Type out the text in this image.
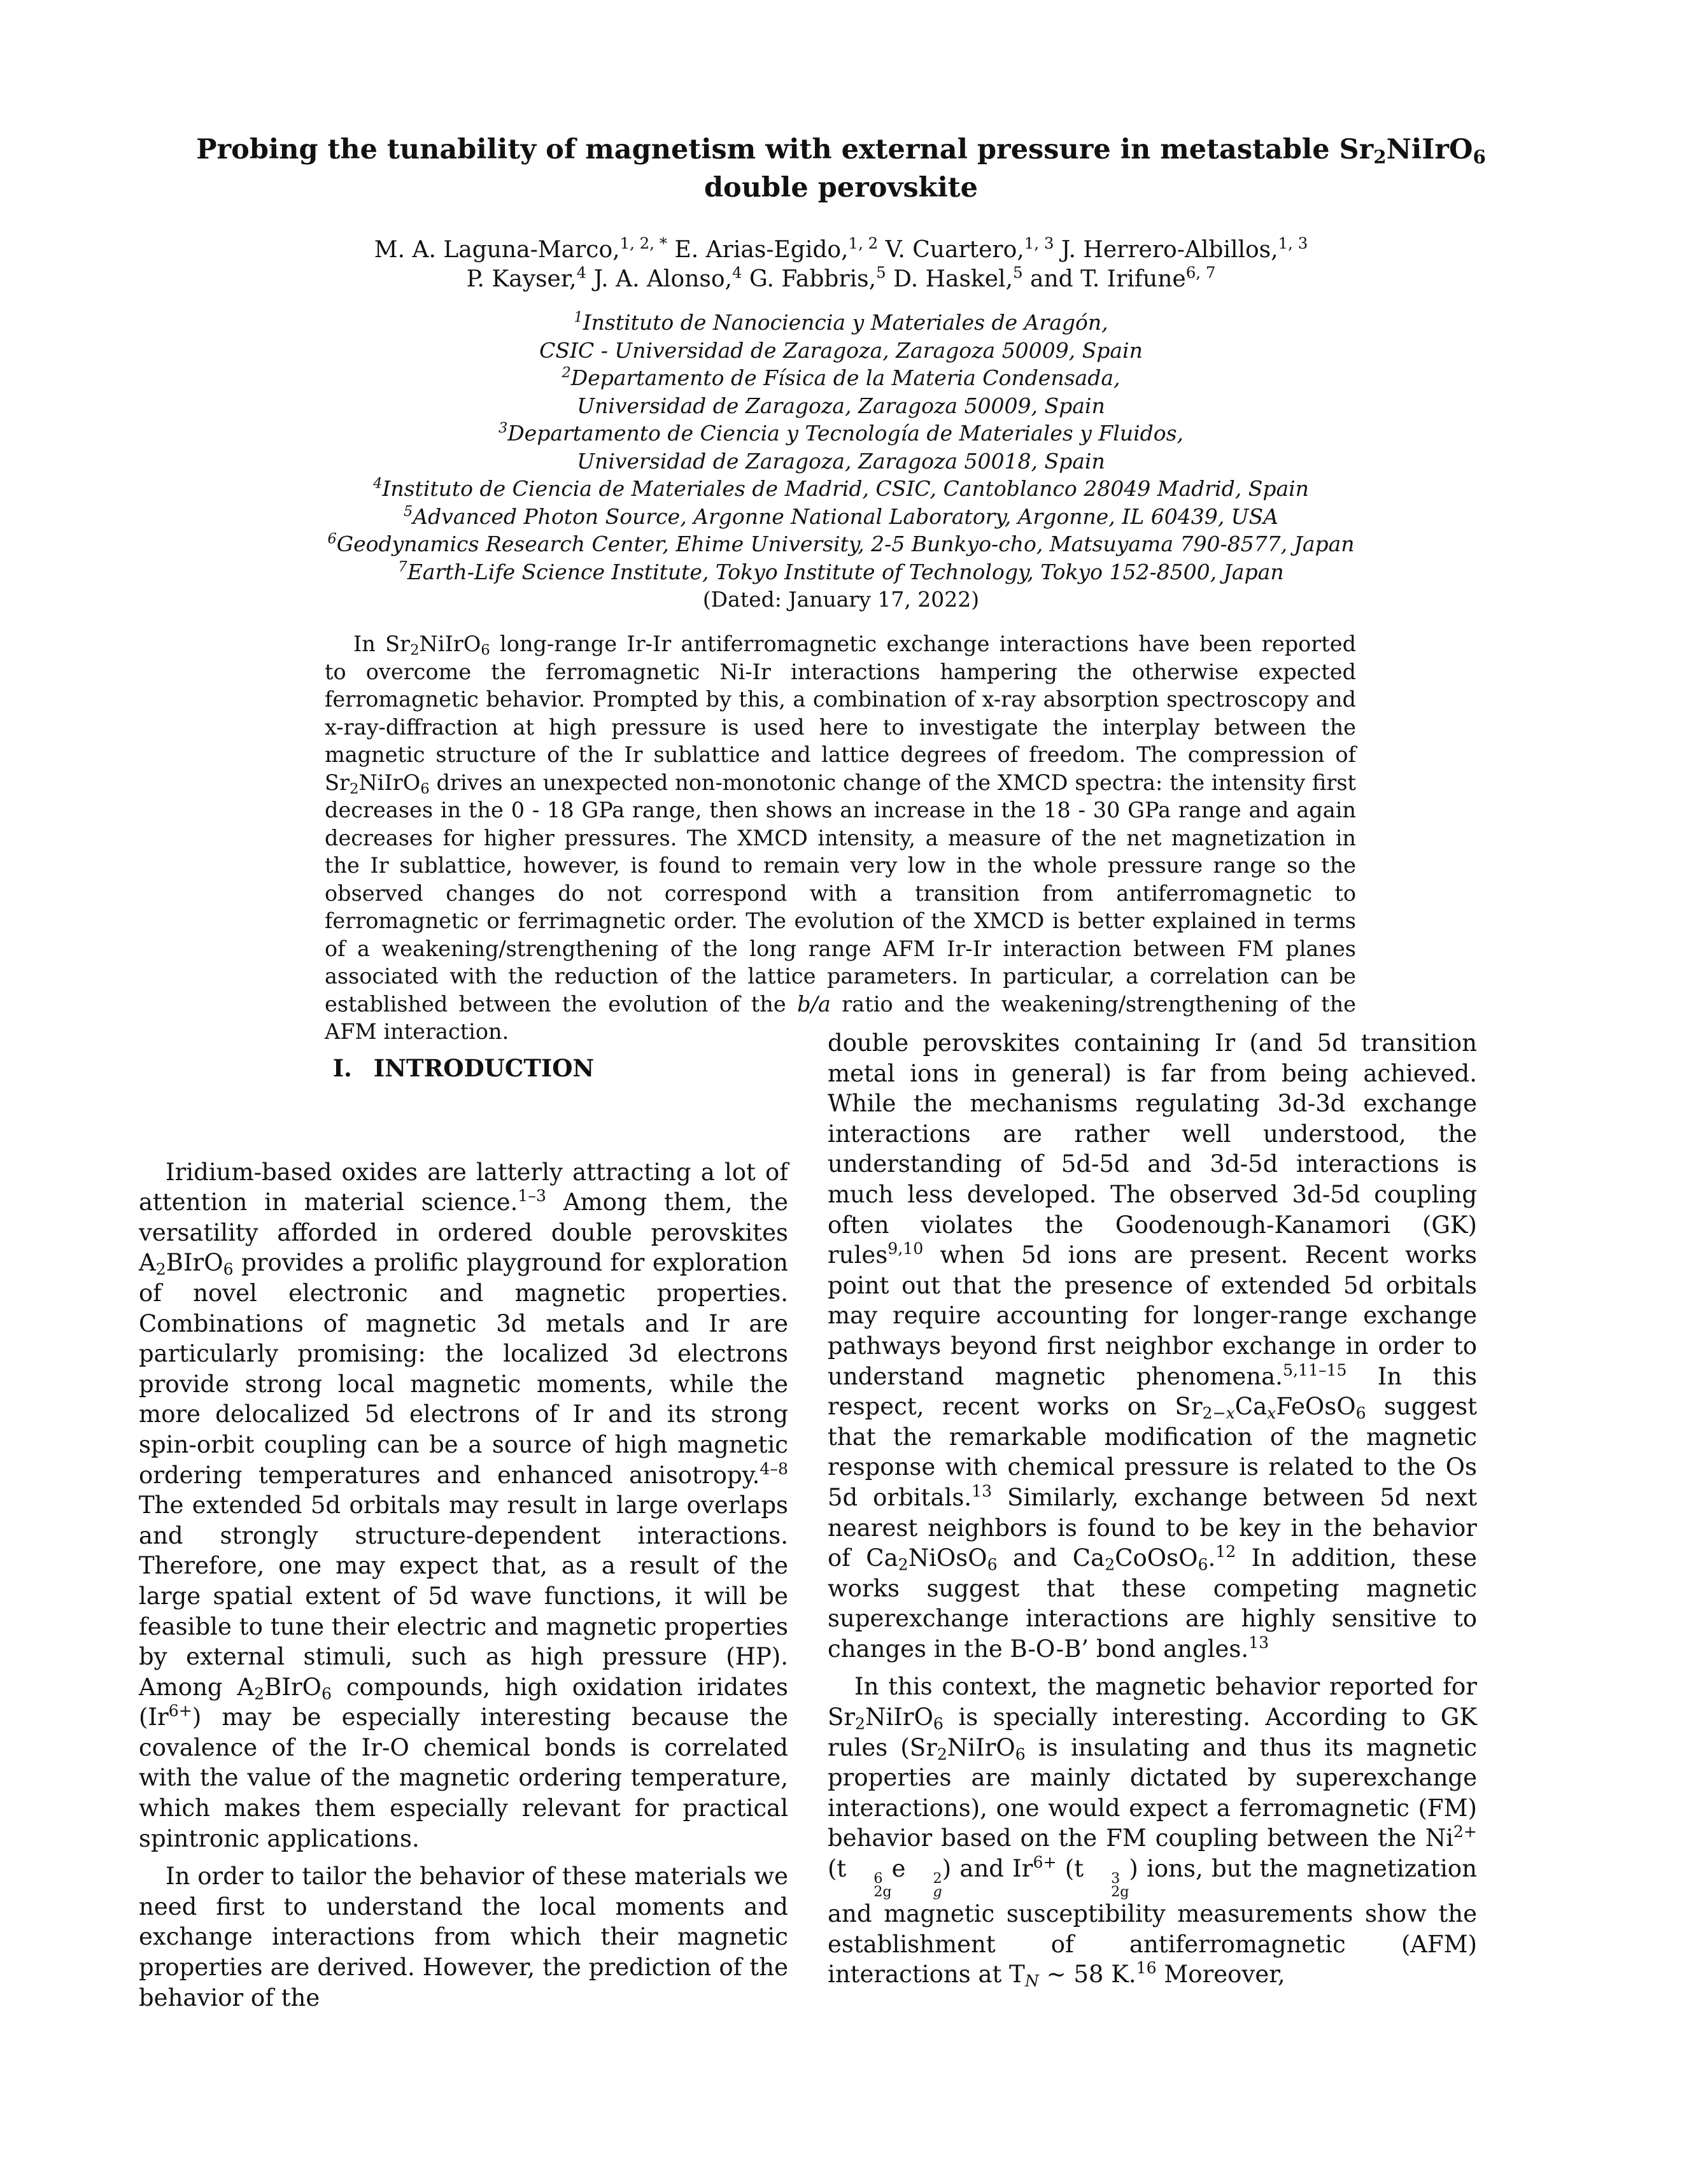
Probing the tunability of magnetism with external pressure in metastable $Sr_2NiIrO_6$
double perovskite
M. A. Laguna-Marco,$^{1, 2, *}$ E. Arias-Egido,$^{1, 2}$ V. Cuartero,$^{1, 3}$ J. Herrero-Albillos,$^{1, 3}$
P. Kayser,$^4$ J. A. Alonso,$^4$ G. Fabbris,$^5$ D. Haskel,$^5$ and T. Irifune$^{6, 7}$
$^1$Instituto de Nanociencia y Materiales de Aragón,
CSIC - Universidad de Zaragoza, Zaragoza 50009, Spain
$^2$Departamento de Física de la Materia Condensada,
Universidad de Zaragoza, Zaragoza 50009, Spain
$^3$Departamento de Ciencia y Tecnología de Materiales y Fluidos,
Universidad de Zaragoza, Zaragoza 50018, Spain
$^4$Instituto de Ciencia de Materiales de Madrid, CSIC, Cantoblanco 28049 Madrid, Spain
$^5$Advanced Photon Source, Argonne National Laboratory, Argonne, IL 60439, USA
$^6$Geodynamics Research Center, Ehime University, 2-5 Bunkyo-cho, Matsuyama 790-8577, Japan
$^7$Earth-Life Science Institute, Tokyo Institute of Technology, Tokyo 152-8500, Japan
(Dated: January 17, 2022)

In $Sr_2NiIrO_6$ long-range Ir-Ir antiferromagnetic exchange interactions have been reported to overcome the ferromagnetic Ni-Ir interactions hampering the otherwise expected ferromagnetic behavior. Prompted by this, a combination of x-ray absorption spectroscopy and x-ray-diffraction at high pressure is used here to investigate the interplay between the magnetic structure of the Ir sublattice and lattice degrees of freedom. The compression of $Sr_2NiIrO_6$ drives an unexpected non-monotonic change of the XMCD spectra: the intensity first decreases in the 0 - 18 GPa range, then shows an increase in the 18 - 30 GPa range and again decreases for higher pressures. The XMCD intensity, a measure of the net magnetization in the Ir sublattice, however, is found to remain very low in the whole pressure range so the observed changes do not correspond with a transition from antiferromagnetic to ferromagnetic or ferrimagnetic order. The evolution of the XMCD is better explained in terms of a weakening/strengthening of the long range AFM Ir-Ir interaction between FM planes associated with the reduction of the lattice parameters. In particular, a correlation can be established between the evolution of the b/a ratio and the weakening/strengthening of the AFM interaction.

I. INTRODUCTION

Iridium-based oxides are latterly attracting a lot of attention in material science.$^{1-3}$ Among them, the versatility afforded in ordered double perovskites $A_2BIrO_6$ provides a prolific playground for exploration of novel electronic and magnetic properties. Combinations of magnetic 3d metals and Ir are particularly promising: the localized 3d electrons provide strong local magnetic moments, while the more delocalized 5d electrons of Ir and its strong spin-orbit coupling can be a source of high magnetic ordering temperatures and enhanced anisotropy.$^{4-8}$ The extended 5d orbitals may result in large overlaps and strongly structure-dependent interactions. Therefore, one may expect that, as a result of the large spatial extent of 5d wave functions, it will be feasible to tune their electric and magnetic properties by external stimuli, such as high pressure (HP). Among $A_2BIrO_6$ compounds, high oxidation iridates $(Ir^{6+})$ may be especially interesting because the covalence of the Ir-O chemical bonds is correlated with the value of the magnetic ordering temperature, which makes them especially relevant for practical spintronic applications.

In order to tailor the behavior of these materials we need first to understand the local moments and exchange interactions from which their magnetic properties are derived. However, the prediction of the behavior of the

double perovskites containing Ir (and 5d transition metal ions in general) is far from being achieved. While the mechanisms regulating 3d-3d exchange interactions are rather well understood, the understanding of 5d-5d and 3d-5d interactions is much less developed. The observed 3d-5d coupling often violates the Goodenough-Kanamori (GK) rules$^{9,10}$ when 5d ions are present. Recent works point out that the presence of extended 5d orbitals may require accounting for longer-range exchange pathways beyond first neighbor exchange in order to understand magnetic phenomena.$^{5,11-15}$ In this respect, recent works on $Sr_{2-x}Ca_xFeOsO_6$ suggest that the remarkable modification of the magnetic response with chemical pressure is related to the Os 5d orbitals.$^{13}$ Similarly, exchange between 5d next nearest neighbors is found to be key in the behavior of $Ca_2NiOsO_6$ and $Ca_2CoOsO_6.^{12}$ In addition, these works suggest that these competing magnetic superexchange interactions are highly sensitive to changes in the B-O-B’ bond angles.$^{13}$

In this context, the magnetic behavior reported for $Sr_2NiIrO_6$ is specially interesting. According to GK rules ($Sr_2NiIrO_6$ is insulating and thus its magnetic properties are mainly dictated by superexchange interactions), one would expect a ferromagnetic (FM) behavior based on the FM coupling between the $Ni^{2+}$ (t	6
2g
e	2
g
) and $Ir^{6+}$ (t	3
2g
) ions, but the magnetization and magnetic susceptibility measurements show the establishment of antiferromagnetic (AFM) interactions at $T_N$ ∼ 58 K.$^{16}$ Moreover,
